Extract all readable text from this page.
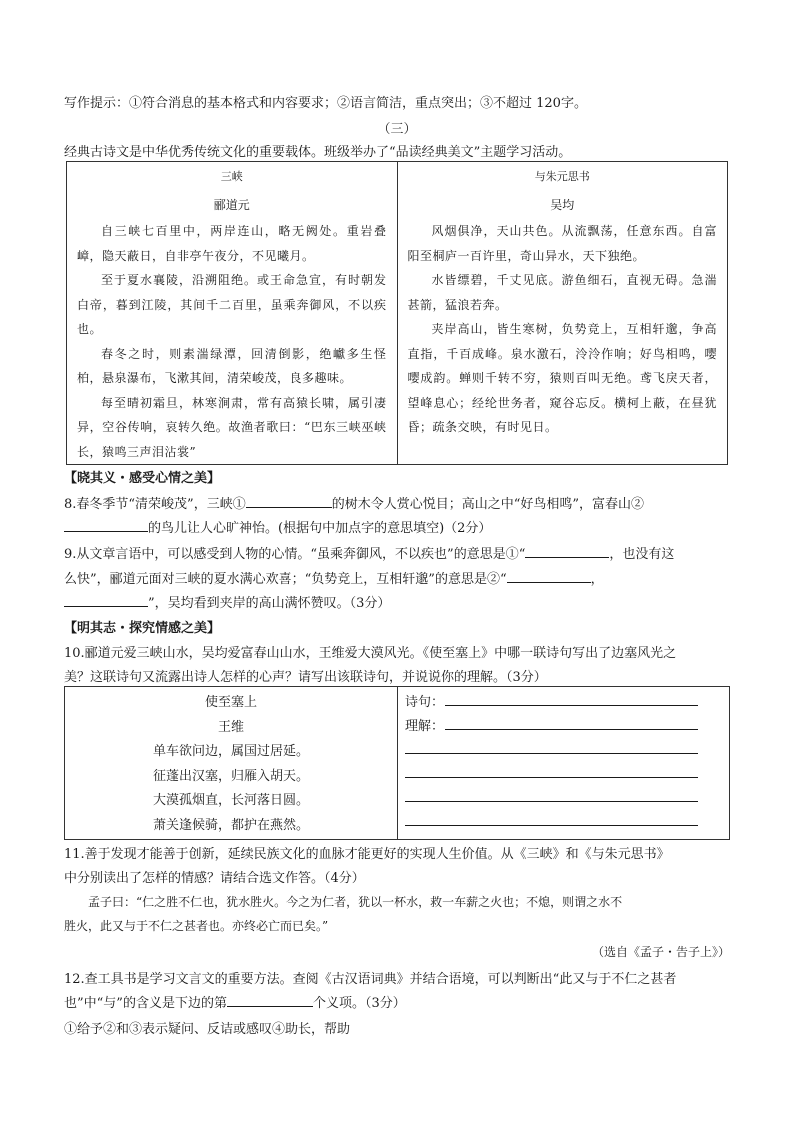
写作提示：①符合消息的基本格式和内容要求；②语言简洁，重点突出；③不超过 120字。
（三）
经典古诗文是中华优秀传统文化的重要载体。班级举办了“品读经典美文”主题学习活动。
三峡
郦道元
自三峡七百里中，两岸连山，略无阙处。重岩叠嶂，隐天蔽日，自非亭午夜分，不见曦月。
至于夏水襄陵，沿溯阻绝。或王命急宣，有时朝发白帝，暮到江陵，其间千二百里，虽乘奔御风，不以疾也。
春冬之时，则素湍绿潭，回清倒影，绝巘多生怪柏，悬泉瀑布，飞漱其间，清荣峻茂，良多趣味。
每至晴初霜旦，林寒涧肃，常有高猿长啸，属引凄异，空谷传响，哀转久绝。故渔者歌曰：“巴东三峡巫峡长，猿鸣三声泪沾裳”

与朱元思书
吴均
风烟俱净，天山共色。从流飘荡，任意东西。自富阳至桐庐一百许里，奇山异水，天下独绝。
水皆缥碧，千丈见底。游鱼细石，直视无碍。急湍甚箭，猛浪若奔。
夹岸高山，皆生寒树，负势竞上，互相轩邈，争高直指，千百成峰。泉水激石，泠泠作响；好鸟相鸣，嘤嘤成韵。蝉则千转不穷，猿则百叫无绝。鸢飞戾天者，望峰息心；经纶世务者，窥谷忘反。横柯上蔽，在昼犹昏；疏条交映，有时见日。
【晓其义・感受心情之美】
8.春冬季节“清荣峻茂”，三峡①	的树木令人赏心悦目；高山之中“好鸟相鸣”，富春山②
的鸟儿让人心旷神怡。(根据句中加点字的意思填空)（2分）
9.从文章言语中，可以感受到人物的心情。“虽乘奔御风，不以疾也”的意思是①“	，也没有这
么快”，郦道元面对三峡的夏水满心欢喜；“负势竞上，互相轩邈”的意思是②“	，
”，吴均看到夹岸的高山满怀赞叹。（3分）
【明其志・探究情感之美】
10.郦道元爱三峡山水，吴均爱富春山山水，王维爱大漠风光。《使至塞上》中哪一联诗句写出了边塞风光之
美？这联诗句又流露出诗人怎样的心声？请写出该联诗句，并说说你的理解。（3分）
使至塞上
王维
单车欲问边，属国过居延。
征蓬出汉塞，归雁入胡天。
大漠孤烟直，长河落日圆。
萧关逢候骑，都护在燕然。

诗句：
理解：
11.善于发现才能善于创新，延续民族文化的血脉才能更好的实现人生价值。从《三峡》和《与朱元思书》
中分别读出了怎样的情感？请结合选文作答。（4分）
孟子曰：“仁之胜不仁也，犹水胜火。今之为仁者，犹以一杯水，救一车薪之火也；不熄，则谓之水不
胜火，此又与于不仁之甚者也。亦终必亡而已矣。”
（选自《孟子・告子上》）
12.查工具书是学习文言文的重要方法。查阅《古汉语词典》并结合语境，可以判断出“此又与于不仁之甚者
也”中“与”的含义是下边的第	个义项。（3分）
①给予②和③表示疑问、反诘或感叹④助长，帮助
